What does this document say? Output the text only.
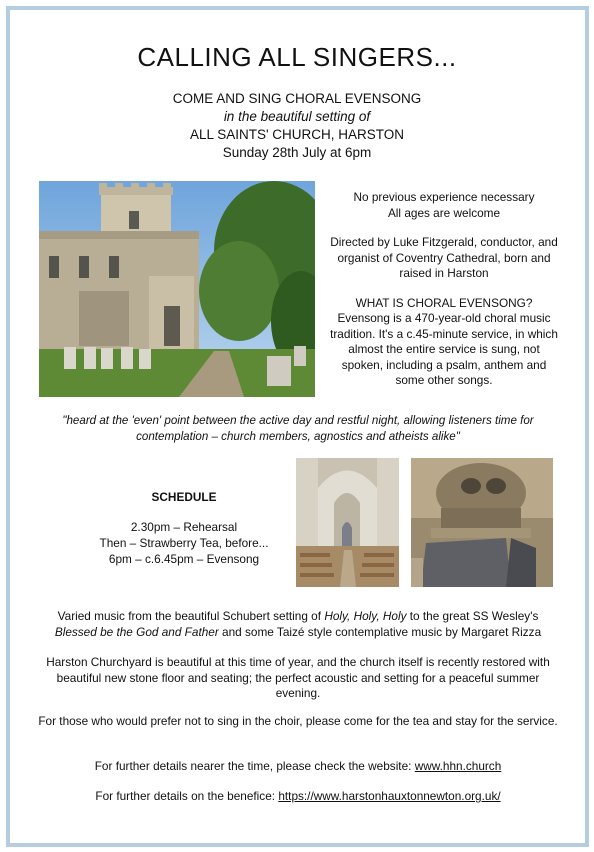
CALLING ALL SINGERS...
COME AND SING CHORAL EVENSONG
in the beautiful setting of
ALL SAINTS' CHURCH, HARSTON
Sunday 28th July at 6pm

No previous experience necessary
All ages are welcome

Directed by Luke Fitzgerald, conductor, and organist of Coventry Cathedral, born and raised in Harston

WHAT IS CHORAL EVENSONG?

Evensong is a 470-year-old choral music tradition. It's a c.45-minute service, in which almost the entire service is sung, not spoken, including a psalm, anthem and some other songs.

"heard at the 'even' point between the active day and restful night, allowing listeners time for contemplation – church members, agnostics and atheists alike"
SCHEDULE
2.30pm – Rehearsal
Then – Strawberry Tea, before...
6pm – c.6.45pm – Evensong

Varied music from the beautiful Schubert setting of Holy, Holy, Holy to the great SS Wesley's Blessed be the God and Father and some Taizé style contemplative music by Margaret Rizza

Harston Churchyard is beautiful at this time of year, and the church itself is recently restored with beautiful new stone floor and seating; the perfect acoustic and setting for a peaceful summer evening.

For those who would prefer not to sing in the choir, please come for the tea and stay for the service.

For further details nearer the time, please check the website: www.hhn.church

For further details on the benefice: https://www.harstonhauxtonnewton.org.uk/
